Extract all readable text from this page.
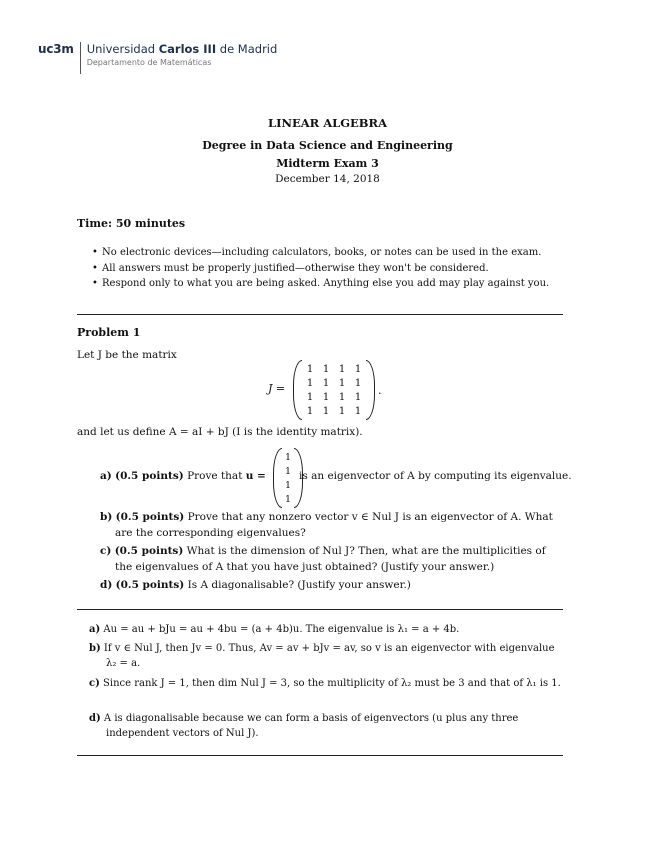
uc3m	Universidad Carlos III de Madrid
Departamento de Matemáticas
LINEAR ALGEBRA
Degree in Data Science and Engineering
Midterm Exam 3
December 14, 2018
Time: 50 minutes
• No electronic devices—including calculators, books, or notes can be used in the exam.
• All answers must be properly justified—otherwise they won't be considered.
• Respond only to what you are being asked. Anything else you add may play against you.
Problem 1
Let J be the matrix
J =
1 1 1 1
1 1 1 1
1 1 1 1
1 1 1 1
.
and let us define A = aI + bJ (I is the identity matrix).
a) (0.5 points) Prove that u =
1
1
1
1
is an eigenvector of A by computing its eigenvalue.
b) (0.5 points) Prove that any nonzero vector v ∈ Nul J is an eigenvector of A. What are the corresponding eigenvalues?
c) (0.5 points) What is the dimension of Nul J? Then, what are the multiplicities of the eigenvalues of A that you have just obtained? (Justify your answer.)
d) (0.5 points) Is A diagonalisable? (Justify your answer.)
a) Au = au + bJu = au + 4bu = (a + 4b)u. The eigenvalue is λ₁ = a + 4b.
b) If v ∈ Nul J, then Jv = 0. Thus, Av = av + bJv = av, so v is an eigenvector with eigenvalue λ₂ = a.
c) Since rank J = 1, then dim Nul J = 3, so the multiplicity of λ₂ must be 3 and that of λ₁ is 1.
d) A is diagonalisable because we can form a basis of eigenvectors (u plus any three independent vectors of Nul J).
